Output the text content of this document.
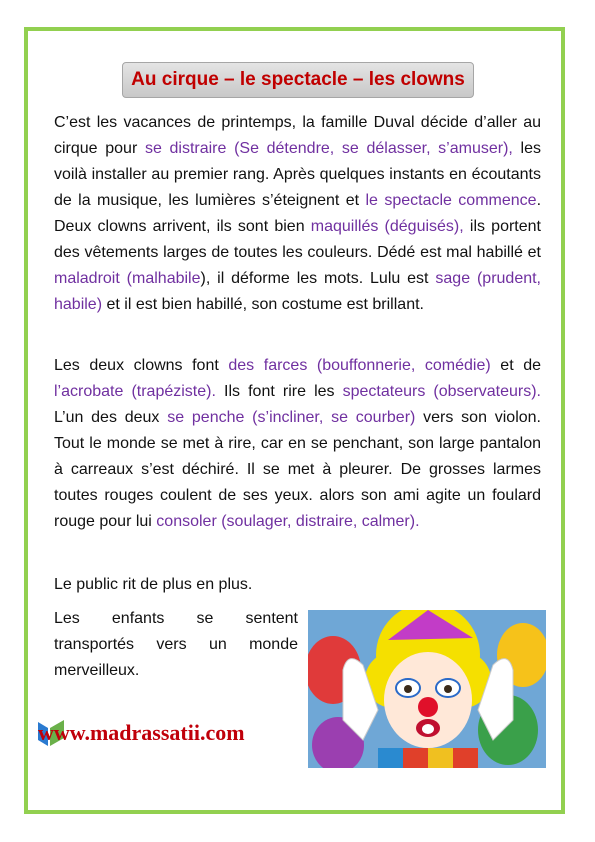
Au cirque – le spectacle – les clowns
C’est les vacances de printemps, la famille Duval décide d’aller au cirque pour se distraire (Se détendre, se délasser, s’amuser), les voilà installer au premier rang. Après quelques instants en écoutants de la musique, les lumières s’éteignent et le spectacle commence. Deux clowns arrivent, ils sont bien maquillés (déguisés), ils portent des vêtements larges de toutes les couleurs. Dédé est mal habillé et maladroit (malhabile), il déforme les mots. Lulu est sage (prudent, habile) et il est bien habillé, son costume est brillant.
Les deux clowns font des farces (bouffonnerie, comédie) et de l’acrobate (trapéziste). Ils font rire les spectateurs (observateurs). L’un des deux se penche (s’incliner, se courber) vers son violon. Tout le monde se met à rire, car en se penchant, son large pantalon à carreaux s’est déchiré. Il se met à pleurer. De grosses larmes toutes rouges coulent de ses yeux. alors son ami agite un foulard rouge pour lui consoler (soulager, distraire, calmer).
Le public rit de plus en plus.
Les enfants se sentent transportés vers un monde merveilleux.
www.madrassatii.com
